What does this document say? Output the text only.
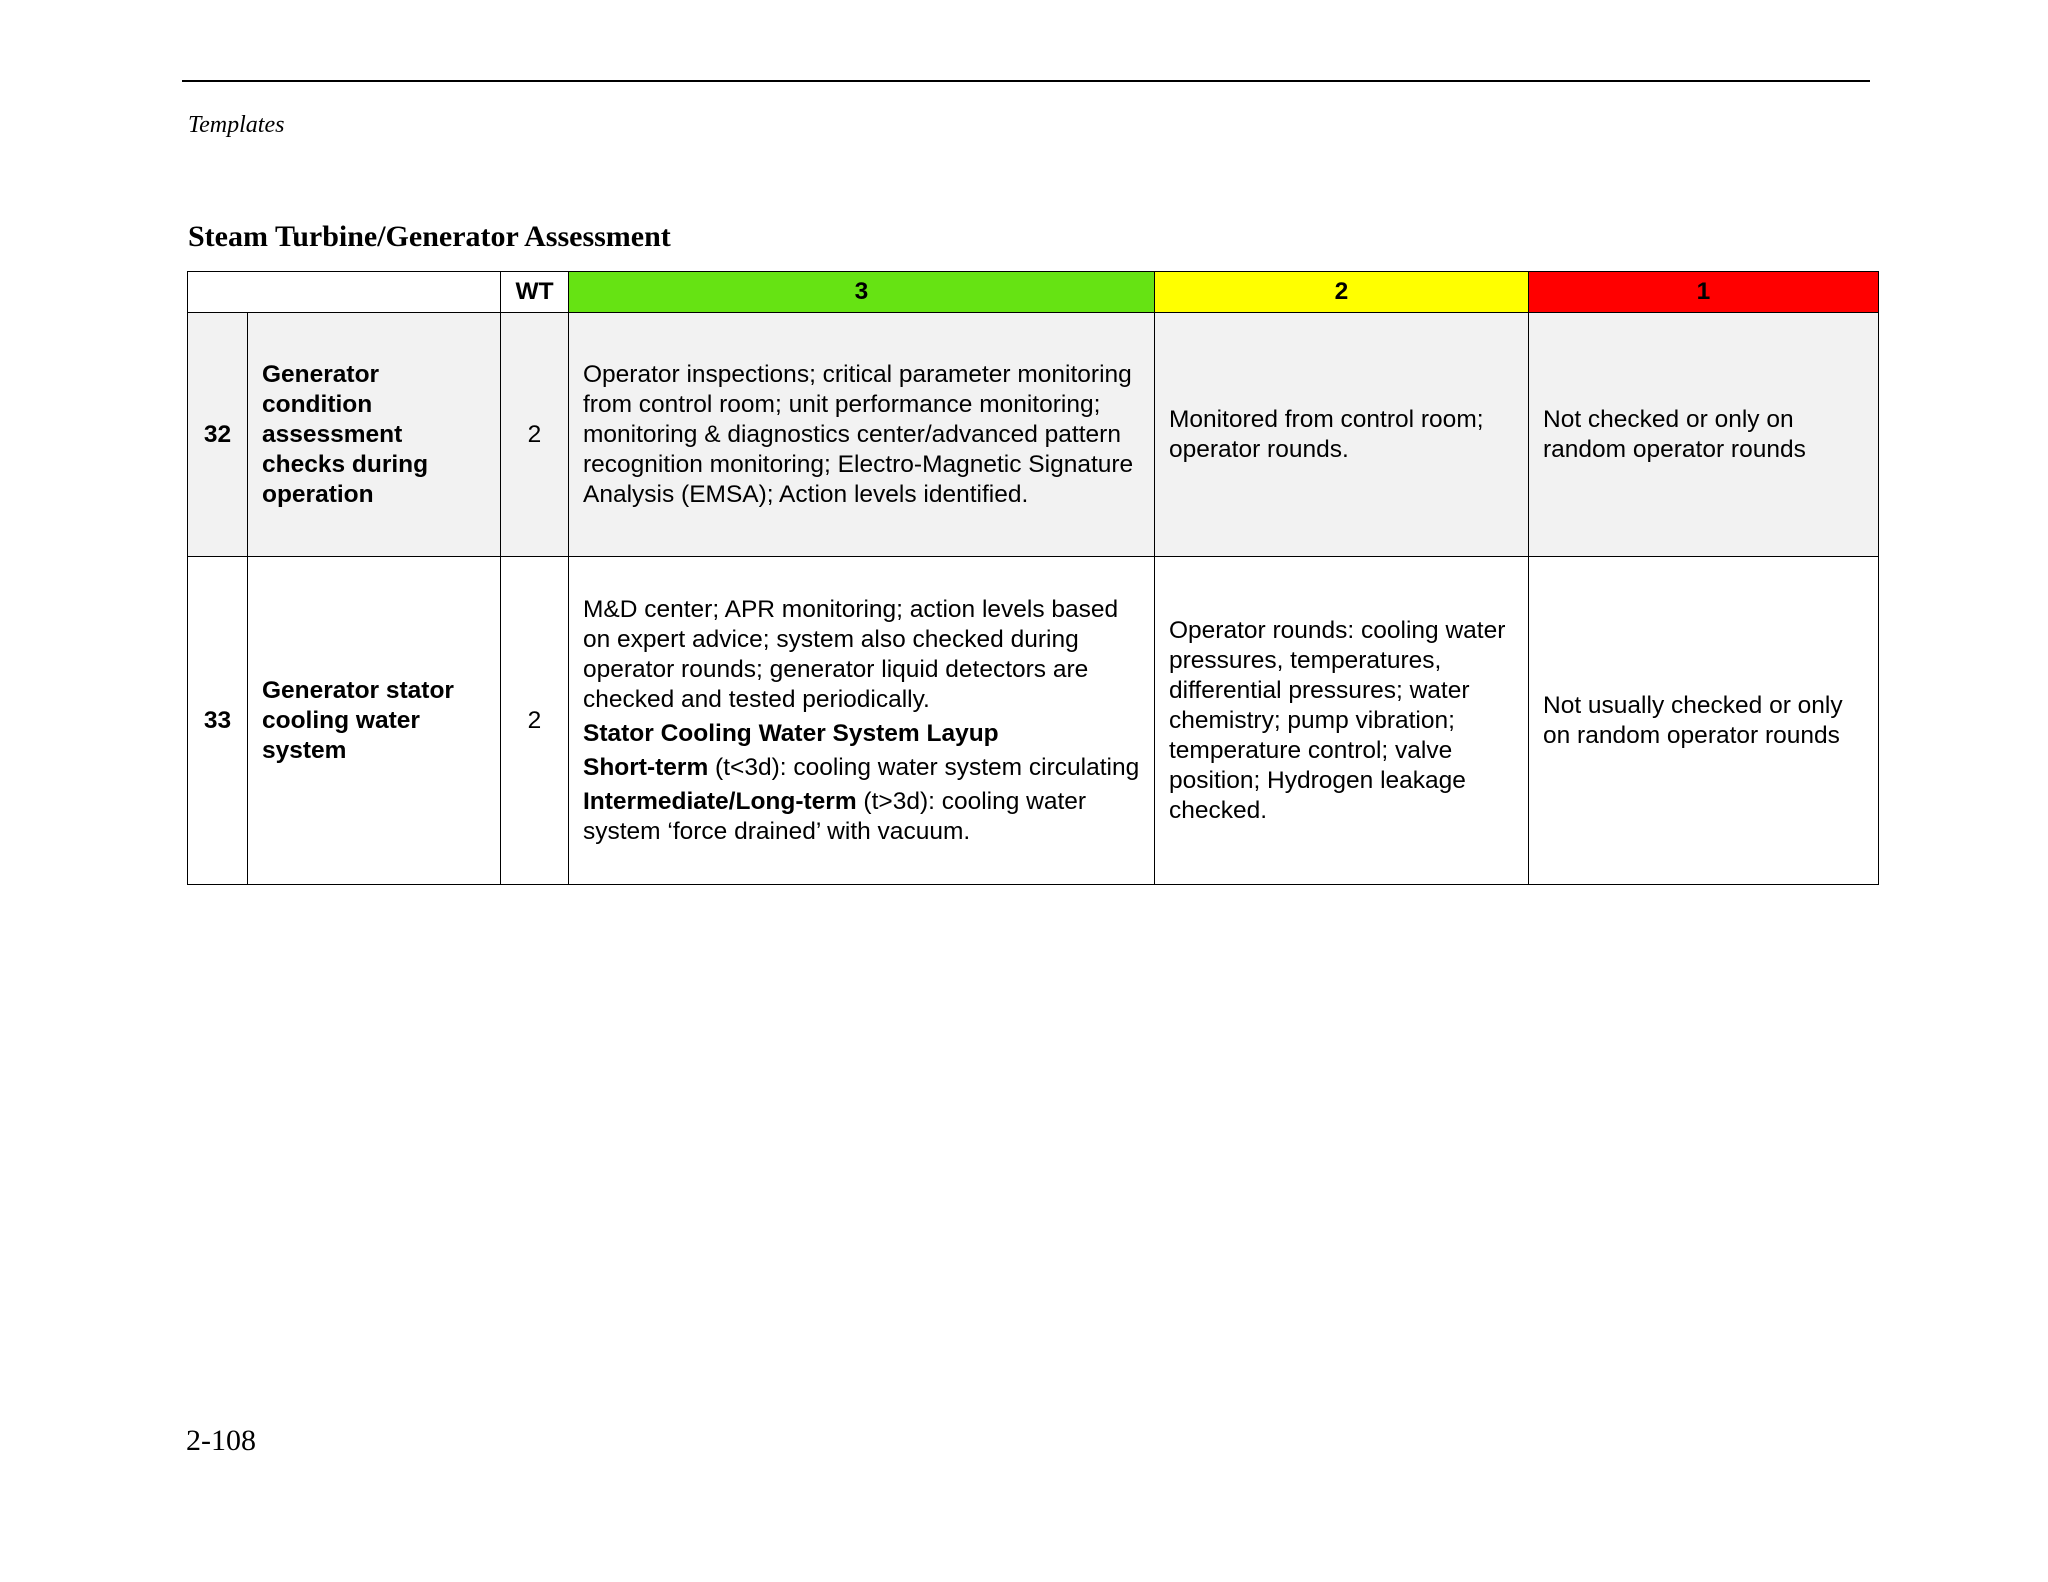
Templates
Steam Turbine/Generator Assessment
		WT	3	2	1
32	Generator condition assessment checks during operation	2	Operator inspections; critical parameter monitoring from control room; unit performance monitoring; monitoring & diagnostics center/advanced pattern recognition monitoring; Electro-Magnetic Signature Analysis (EMSA); Action levels identified.	Monitored from control room; operator rounds.	Not checked or only on random operator rounds
33	Generator stator cooling water system	2	M&D center; APR monitoring; action levels based on expert advice; system also checked during operator rounds; generator liquid detectors are checked and tested periodically.

Stator Cooling Water System Layup

Short-term (t<3d): cooling water system circulating

Intermediate/Long-term (t>3d): cooling water system ‘force drained’ with vacuum.	Operator rounds: cooling water pressures, temperatures, differential pressures; water chemistry; pump vibration; temperature control; valve position; Hydrogen leakage checked.	Not usually checked or only on random operator rounds
2-108
